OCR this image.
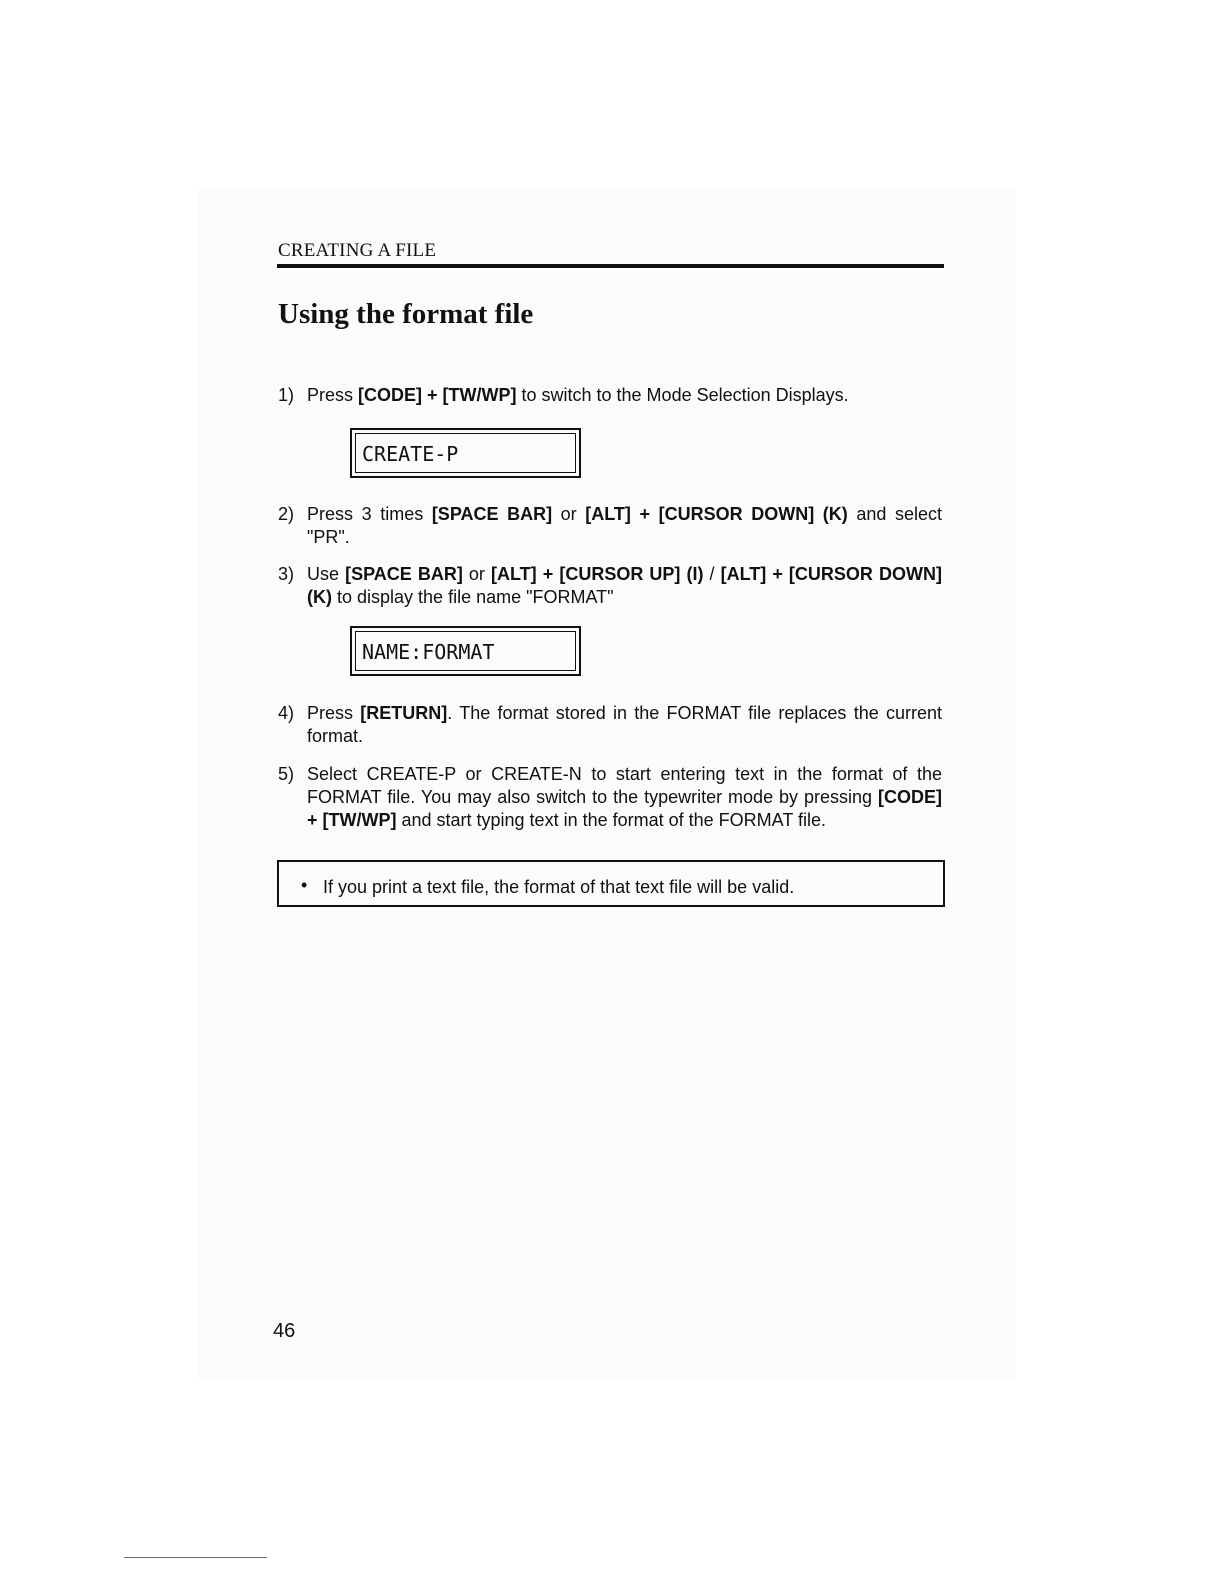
CREATING A FILE
Using the format file
1) Press [CODE] + [TW/WP] to switch to the Mode Selection Displays.
CREATE-P
2) Press 3 times [SPACE BAR] or [ALT] + [CURSOR DOWN] (K) and select "PR".
3) Use [SPACE BAR] or [ALT] + [CURSOR UP] (I) / [ALT] + [CURSOR DOWN] (K) to display the file name "FORMAT"
NAME:FORMAT
4) Press [RETURN]. The format stored in the FORMAT file replaces the current format.
5) Select CREATE-P or CREATE-N to start entering text in the format of the FORMAT file. You may also switch to the typewriter mode by pressing [CODE] + [TW/WP] and start typing text in the format of the FORMAT file.
• If you print a text file, the format of that text file will be valid.
46
